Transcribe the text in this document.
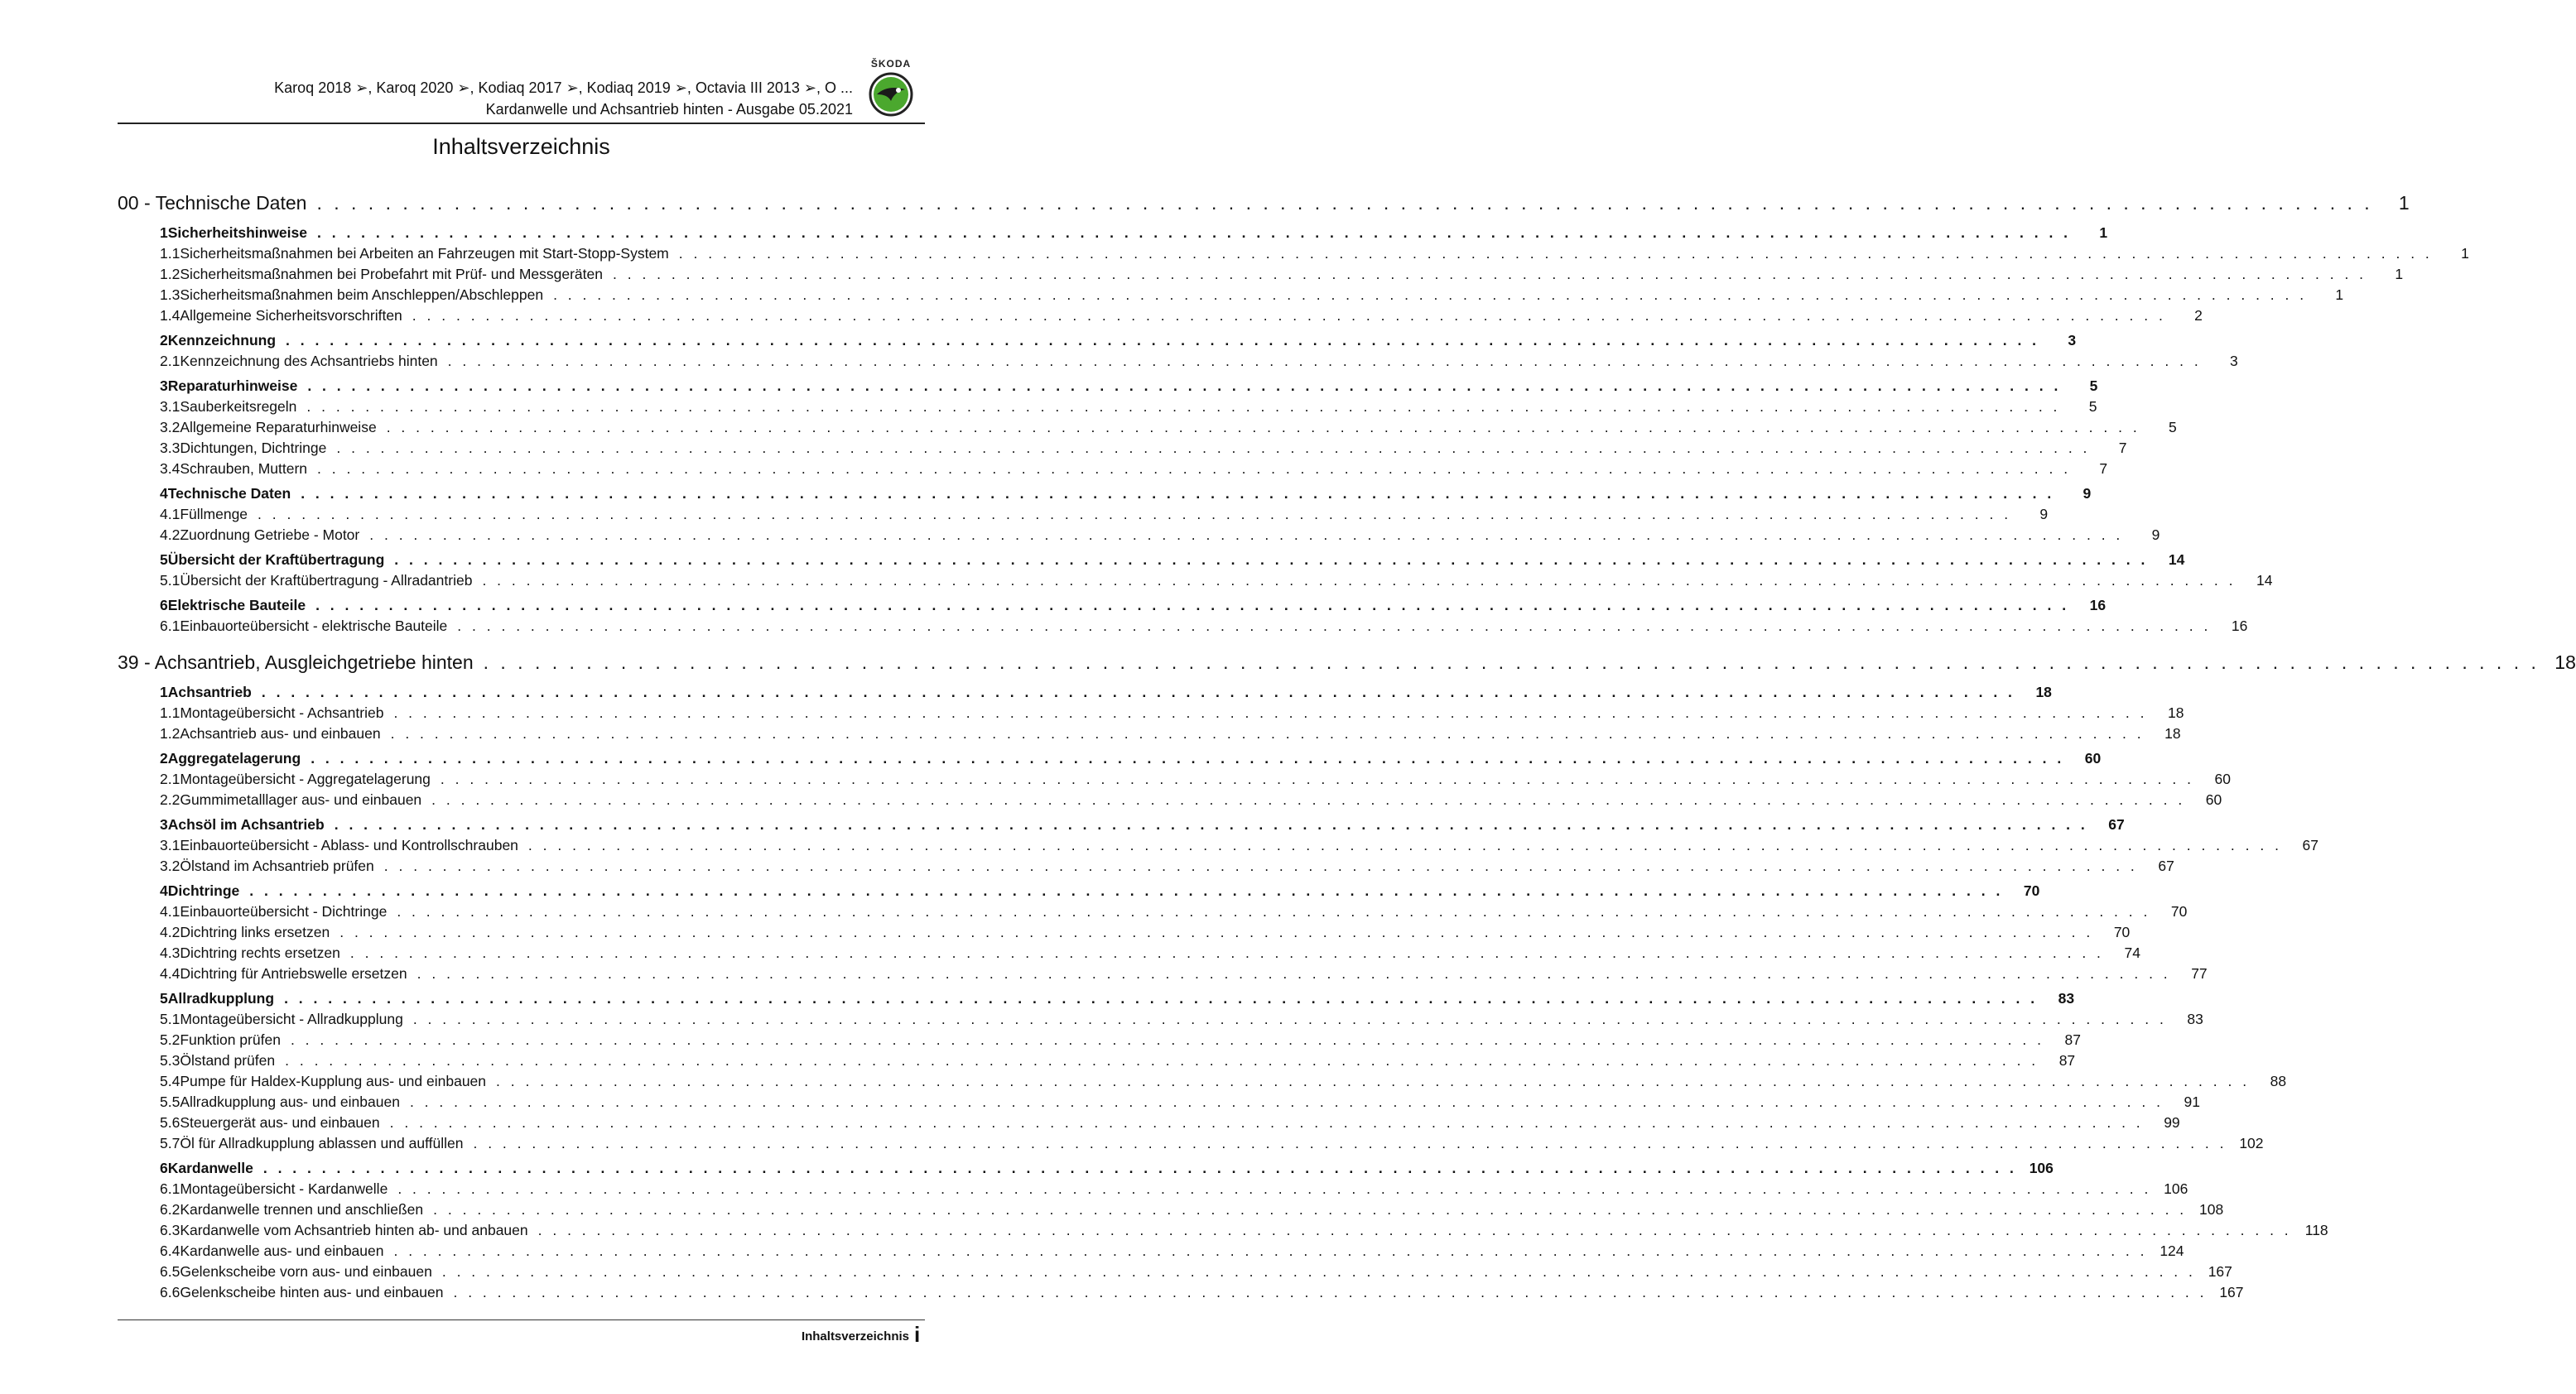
Karoq 2018 ➢, Karoq 2020 ➢, Kodiaq 2017 ➢, Kodiaq 2019 ➢, Octavia III 2013 ➢, O ...
Kardanwelle und Achsantrieb hinten - Ausgabe 05.2021
ŠKODA
Inhaltsverzeichnis
00 - Technische Daten . . . . . . . . . . . . . . . . . . . . . . . . . . . . . . . . . . . . . . . . . . . . . . . . . . . . . . . . . . . . . . . . . . . . . . . . . . . . . . . . . . . . . . . . . . . . . . . . . . . . . . . . . . . . . . . . . . . . . . . .	1
1 Sicherheitshinweise . . . . . . . . . . . . . . . . . . . . . . . . . . . . . . . . . . . . . . . . . . . . . . . . . . . . . . . . . . . . . . . . . . . . . . . . . . . . . . . . . . . . . . . . . . . . . . . . . . . . . . . . . . . . . . . . . . . . . . . .	1
1.1 Sicherheitsmaßnahmen bei Arbeiten an Fahrzeugen mit Start-Stopp-System . . . . . . . . . . . . . . . . . . . . . . . . . . . . . . . . . . . . . . . . . . . . . . . . . . . . . . . . . . . . . . . . . . . . . . . . . . . . . . . . . . . . . . . . . . . . . . . . . . . . . . . . . . . . . . . . . . . . . . . .	1
1.2 Sicherheitsmaßnahmen bei Probefahrt mit Prüf- und Messgeräten . . . . . . . . . . . . . . . . . . . . . . . . . . . . . . . . . . . . . . . . . . . . . . . . . . . . . . . . . . . . . . . . . . . . . . . . . . . . . . . . . . . . . . . . . . . . . . . . . . . . . . . . . . . . . . . . . . . . . . . .	1
1.3 Sicherheitsmaßnahmen beim Anschleppen/Abschleppen . . . . . . . . . . . . . . . . . . . . . . . . . . . . . . . . . . . . . . . . . . . . . . . . . . . . . . . . . . . . . . . . . . . . . . . . . . . . . . . . . . . . . . . . . . . . . . . . . . . . . . . . . . . . . . . . . . . . . . . .	1
1.4 Allgemeine Sicherheitsvorschriften . . . . . . . . . . . . . . . . . . . . . . . . . . . . . . . . . . . . . . . . . . . . . . . . . . . . . . . . . . . . . . . . . . . . . . . . . . . . . . . . . . . . . . . . . . . . . . . . . . . . . . . . . . . . . . . . . . . . . . . .	2
2 Kennzeichnung . . . . . . . . . . . . . . . . . . . . . . . . . . . . . . . . . . . . . . . . . . . . . . . . . . . . . . . . . . . . . . . . . . . . . . . . . . . . . . . . . . . . . . . . . . . . . . . . . . . . . . . . . . . . . . . . . . . . . . . .	3
2.1 Kennzeichnung des Achsantriebs hinten . . . . . . . . . . . . . . . . . . . . . . . . . . . . . . . . . . . . . . . . . . . . . . . . . . . . . . . . . . . . . . . . . . . . . . . . . . . . . . . . . . . . . . . . . . . . . . . . . . . . . . . . . . . . . . . . . . . . . . . .	3
3 Reparaturhinweise . . . . . . . . . . . . . . . . . . . . . . . . . . . . . . . . . . . . . . . . . . . . . . . . . . . . . . . . . . . . . . . . . . . . . . . . . . . . . . . . . . . . . . . . . . . . . . . . . . . . . . . . . . . . . . . . . . . . . . . .	5
3.1 Sauberkeitsregeln . . . . . . . . . . . . . . . . . . . . . . . . . . . . . . . . . . . . . . . . . . . . . . . . . . . . . . . . . . . . . . . . . . . . . . . . . . . . . . . . . . . . . . . . . . . . . . . . . . . . . . . . . . . . . . . . . . . . . . . .	5
3.2 Allgemeine Reparaturhinweise . . . . . . . . . . . . . . . . . . . . . . . . . . . . . . . . . . . . . . . . . . . . . . . . . . . . . . . . . . . . . . . . . . . . . . . . . . . . . . . . . . . . . . . . . . . . . . . . . . . . . . . . . . . . . . . . . . . . . . . .	5
3.3 Dichtungen, Dichtringe . . . . . . . . . . . . . . . . . . . . . . . . . . . . . . . . . . . . . . . . . . . . . . . . . . . . . . . . . . . . . . . . . . . . . . . . . . . . . . . . . . . . . . . . . . . . . . . . . . . . . . . . . . . . . . . . . . . . . . . .	7
3.4 Schrauben, Muttern . . . . . . . . . . . . . . . . . . . . . . . . . . . . . . . . . . . . . . . . . . . . . . . . . . . . . . . . . . . . . . . . . . . . . . . . . . . . . . . . . . . . . . . . . . . . . . . . . . . . . . . . . . . . . . . . . . . . . . . .	7
4 Technische Daten . . . . . . . . . . . . . . . . . . . . . . . . . . . . . . . . . . . . . . . . . . . . . . . . . . . . . . . . . . . . . . . . . . . . . . . . . . . . . . . . . . . . . . . . . . . . . . . . . . . . . . . . . . . . . . . . . . . . . . . .	9
4.1 Füllmenge . . . . . . . . . . . . . . . . . . . . . . . . . . . . . . . . . . . . . . . . . . . . . . . . . . . . . . . . . . . . . . . . . . . . . . . . . . . . . . . . . . . . . . . . . . . . . . . . . . . . . . . . . . . . . . . . . . . . . . . .	9
4.2 Zuordnung Getriebe - Motor . . . . . . . . . . . . . . . . . . . . . . . . . . . . . . . . . . . . . . . . . . . . . . . . . . . . . . . . . . . . . . . . . . . . . . . . . . . . . . . . . . . . . . . . . . . . . . . . . . . . . . . . . . . . . . . . . . . . . . . .	9
5 Übersicht der Kraftübertragung . . . . . . . . . . . . . . . . . . . . . . . . . . . . . . . . . . . . . . . . . . . . . . . . . . . . . . . . . . . . . . . . . . . . . . . . . . . . . . . . . . . . . . . . . . . . . . . . . . . . . . . . . . . . . . . . . . . . . . . .	14
5.1 Übersicht der Kraftübertragung - Allradantrieb . . . . . . . . . . . . . . . . . . . . . . . . . . . . . . . . . . . . . . . . . . . . . . . . . . . . . . . . . . . . . . . . . . . . . . . . . . . . . . . . . . . . . . . . . . . . . . . . . . . . . . . . . . . . . . . . . . . . . . . .	14
6 Elektrische Bauteile . . . . . . . . . . . . . . . . . . . . . . . . . . . . . . . . . . . . . . . . . . . . . . . . . . . . . . . . . . . . . . . . . . . . . . . . . . . . . . . . . . . . . . . . . . . . . . . . . . . . . . . . . . . . . . . . . . . . . . . .	16
6.1 Einbauorteübersicht - elektrische Bauteile . . . . . . . . . . . . . . . . . . . . . . . . . . . . . . . . . . . . . . . . . . . . . . . . . . . . . . . . . . . . . . . . . . . . . . . . . . . . . . . . . . . . . . . . . . . . . . . . . . . . . . . . . . . . . . . . . . . . . . . .	16
39 - Achsantrieb, Ausgleichgetriebe hinten . . . . . . . . . . . . . . . . . . . . . . . . . . . . . . . . . . . . . . . . . . . . . . . . . . . . . . . . . . . . . . . . . . . . . . . . . . . . . . . . . . . . . . . . . . . . . . . . . . . . . . . . . . . . . . . . . . . . . . . . 18
1 Achsantrieb . . . . . . . . . . . . . . . . . . . . . . . . . . . . . . . . . . . . . . . . . . . . . . . . . . . . . . . . . . . . . . . . . . . . . . . . . . . . . . . . . . . . . . . . . . . . . . . . . . . . . . . . . . . . . . . . . . . . . . . .	18
1.1 Montageübersicht - Achsantrieb . . . . . . . . . . . . . . . . . . . . . . . . . . . . . . . . . . . . . . . . . . . . . . . . . . . . . . . . . . . . . . . . . . . . . . . . . . . . . . . . . . . . . . . . . . . . . . . . . . . . . . . . . . . . . . . . . . . . . . . .	18
1.2 Achsantrieb aus- und einbauen . . . . . . . . . . . . . . . . . . . . . . . . . . . . . . . . . . . . . . . . . . . . . . . . . . . . . . . . . . . . . . . . . . . . . . . . . . . . . . . . . . . . . . . . . . . . . . . . . . . . . . . . . . . . . . . . . . . . . . . .	18
2 Aggregatelagerung . . . . . . . . . . . . . . . . . . . . . . . . . . . . . . . . . . . . . . . . . . . . . . . . . . . . . . . . . . . . . . . . . . . . . . . . . . . . . . . . . . . . . . . . . . . . . . . . . . . . . . . . . . . . . . . . . . . . . . . .	60
2.1 Montageübersicht - Aggregatelagerung . . . . . . . . . . . . . . . . . . . . . . . . . . . . . . . . . . . . . . . . . . . . . . . . . . . . . . . . . . . . . . . . . . . . . . . . . . . . . . . . . . . . . . . . . . . . . . . . . . . . . . . . . . . . . . . . . . . . . . . .	60
2.2 Gummimetalllager aus- und einbauen . . . . . . . . . . . . . . . . . . . . . . . . . . . . . . . . . . . . . . . . . . . . . . . . . . . . . . . . . . . . . . . . . . . . . . . . . . . . . . . . . . . . . . . . . . . . . . . . . . . . . . . . . . . . . . . . . . . . . . . .	60
3 Achsöl im Achsantrieb . . . . . . . . . . . . . . . . . . . . . . . . . . . . . . . . . . . . . . . . . . . . . . . . . . . . . . . . . . . . . . . . . . . . . . . . . . . . . . . . . . . . . . . . . . . . . . . . . . . . . . . . . . . . . . . . . . . . . . . .	67
3.1 Einbauorteübersicht - Ablass- und Kontrollschrauben . . . . . . . . . . . . . . . . . . . . . . . . . . . . . . . . . . . . . . . . . . . . . . . . . . . . . . . . . . . . . . . . . . . . . . . . . . . . . . . . . . . . . . . . . . . . . . . . . . . . . . . . . . . . . . . . . . . . . . . .	67
3.2 Ölstand im Achsantrieb prüfen . . . . . . . . . . . . . . . . . . . . . . . . . . . . . . . . . . . . . . . . . . . . . . . . . . . . . . . . . . . . . . . . . . . . . . . . . . . . . . . . . . . . . . . . . . . . . . . . . . . . . . . . . . . . . . . . . . . . . . . .	67
4 Dichtringe . . . . . . . . . . . . . . . . . . . . . . . . . . . . . . . . . . . . . . . . . . . . . . . . . . . . . . . . . . . . . . . . . . . . . . . . . . . . . . . . . . . . . . . . . . . . . . . . . . . . . . . . . . . . . . . . . . . . . . . .	70
4.1 Einbauorteübersicht - Dichtringe . . . . . . . . . . . . . . . . . . . . . . . . . . . . . . . . . . . . . . . . . . . . . . . . . . . . . . . . . . . . . . . . . . . . . . . . . . . . . . . . . . . . . . . . . . . . . . . . . . . . . . . . . . . . . . . . . . . . . . . .	70
4.2 Dichtring links ersetzen . . . . . . . . . . . . . . . . . . . . . . . . . . . . . . . . . . . . . . . . . . . . . . . . . . . . . . . . . . . . . . . . . . . . . . . . . . . . . . . . . . . . . . . . . . . . . . . . . . . . . . . . . . . . . . . . . . . . . . . .	70
4.3 Dichtring rechts ersetzen . . . . . . . . . . . . . . . . . . . . . . . . . . . . . . . . . . . . . . . . . . . . . . . . . . . . . . . . . . . . . . . . . . . . . . . . . . . . . . . . . . . . . . . . . . . . . . . . . . . . . . . . . . . . . . . . . . . . . . . .	74
4.4 Dichtring für Antriebswelle ersetzen . . . . . . . . . . . . . . . . . . . . . . . . . . . . . . . . . . . . . . . . . . . . . . . . . . . . . . . . . . . . . . . . . . . . . . . . . . . . . . . . . . . . . . . . . . . . . . . . . . . . . . . . . . . . . . . . . . . . . . . .	77
5 Allradkupplung . . . . . . . . . . . . . . . . . . . . . . . . . . . . . . . . . . . . . . . . . . . . . . . . . . . . . . . . . . . . . . . . . . . . . . . . . . . . . . . . . . . . . . . . . . . . . . . . . . . . . . . . . . . . . . . . . . . . . . . .	83
5.1 Montageübersicht - Allradkupplung . . . . . . . . . . . . . . . . . . . . . . . . . . . . . . . . . . . . . . . . . . . . . . . . . . . . . . . . . . . . . . . . . . . . . . . . . . . . . . . . . . . . . . . . . . . . . . . . . . . . . . . . . . . . . . . . . . . . . . . .	83
5.2 Funktion prüfen . . . . . . . . . . . . . . . . . . . . . . . . . . . . . . . . . . . . . . . . . . . . . . . . . . . . . . . . . . . . . . . . . . . . . . . . . . . . . . . . . . . . . . . . . . . . . . . . . . . . . . . . . . . . . . . . . . . . . . . .	87
5.3 Ölstand prüfen . . . . . . . . . . . . . . . . . . . . . . . . . . . . . . . . . . . . . . . . . . . . . . . . . . . . . . . . . . . . . . . . . . . . . . . . . . . . . . . . . . . . . . . . . . . . . . . . . . . . . . . . . . . . . . . . . . . . . . . .	87
5.4 Pumpe für Haldex-Kupplung aus- und einbauen . . . . . . . . . . . . . . . . . . . . . . . . . . . . . . . . . . . . . . . . . . . . . . . . . . . . . . . . . . . . . . . . . . . . . . . . . . . . . . . . . . . . . . . . . . . . . . . . . . . . . . . . . . . . . . . . . . . . . . . .	88
5.5 Allradkupplung aus- und einbauen . . . . . . . . . . . . . . . . . . . . . . . . . . . . . . . . . . . . . . . . . . . . . . . . . . . . . . . . . . . . . . . . . . . . . . . . . . . . . . . . . . . . . . . . . . . . . . . . . . . . . . . . . . . . . . . . . . . . . . . .	91
5.6 Steuergerät aus- und einbauen . . . . . . . . . . . . . . . . . . . . . . . . . . . . . . . . . . . . . . . . . . . . . . . . . . . . . . . . . . . . . . . . . . . . . . . . . . . . . . . . . . . . . . . . . . . . . . . . . . . . . . . . . . . . . . . . . . . . . . . .	99
5.7 Öl für Allradkupplung ablassen und auffüllen . . . . . . . . . . . . . . . . . . . . . . . . . . . . . . . . . . . . . . . . . . . . . . . . . . . . . . . . . . . . . . . . . . . . . . . . . . . . . . . . . . . . . . . . . . . . . . . . . . . . . . . . . . . . . . . . . . . . . . . . 102
6 Kardanwelle . . . . . . . . . . . . . . . . . . . . . . . . . . . . . . . . . . . . . . . . . . . . . . . . . . . . . . . . . . . . . . . . . . . . . . . . . . . . . . . . . . . . . . . . . . . . . . . . . . . . . . . . . . . . . . . . . . . . . . . . 106
6.1 Montageübersicht - Kardanwelle . . . . . . . . . . . . . . . . . . . . . . . . . . . . . . . . . . . . . . . . . . . . . . . . . . . . . . . . . . . . . . . . . . . . . . . . . . . . . . . . . . . . . . . . . . . . . . . . . . . . . . . . . . . . . . . . . . . . . . . . 106
6.2 Kardanwelle trennen und anschließen . . . . . . . . . . . . . . . . . . . . . . . . . . . . . . . . . . . . . . . . . . . . . . . . . . . . . . . . . . . . . . . . . . . . . . . . . . . . . . . . . . . . . . . . . . . . . . . . . . . . . . . . . . . . . . . . . . . . . . . . 108
6.3 Kardanwelle vom Achsantrieb hinten ab- und anbauen . . . . . . . . . . . . . . . . . . . . . . . . . . . . . . . . . . . . . . . . . . . . . . . . . . . . . . . . . . . . . . . . . . . . . . . . . . . . . . . . . . . . . . . . . . . . . . . . . . . . . . . . . . . . . . . . . . . . . . . . 118
6.4 Kardanwelle aus- und einbauen . . . . . . . . . . . . . . . . . . . . . . . . . . . . . . . . . . . . . . . . . . . . . . . . . . . . . . . . . . . . . . . . . . . . . . . . . . . . . . . . . . . . . . . . . . . . . . . . . . . . . . . . . . . . . . . . . . . . . . . . 124
6.5 Gelenkscheibe vorn aus- und einbauen . . . . . . . . . . . . . . . . . . . . . . . . . . . . . . . . . . . . . . . . . . . . . . . . . . . . . . . . . . . . . . . . . . . . . . . . . . . . . . . . . . . . . . . . . . . . . . . . . . . . . . . . . . . . . . . . . . . . . . . . 167
6.6 Gelenkscheibe hinten aus- und einbauen . . . . . . . . . . . . . . . . . . . . . . . . . . . . . . . . . . . . . . . . . . . . . . . . . . . . . . . . . . . . . . . . . . . . . . . . . . . . . . . . . . . . . . . . . . . . . . . . . . . . . . . . . . . . . . . . . . . . . . . . 167
Inhaltsverzeichnis i
